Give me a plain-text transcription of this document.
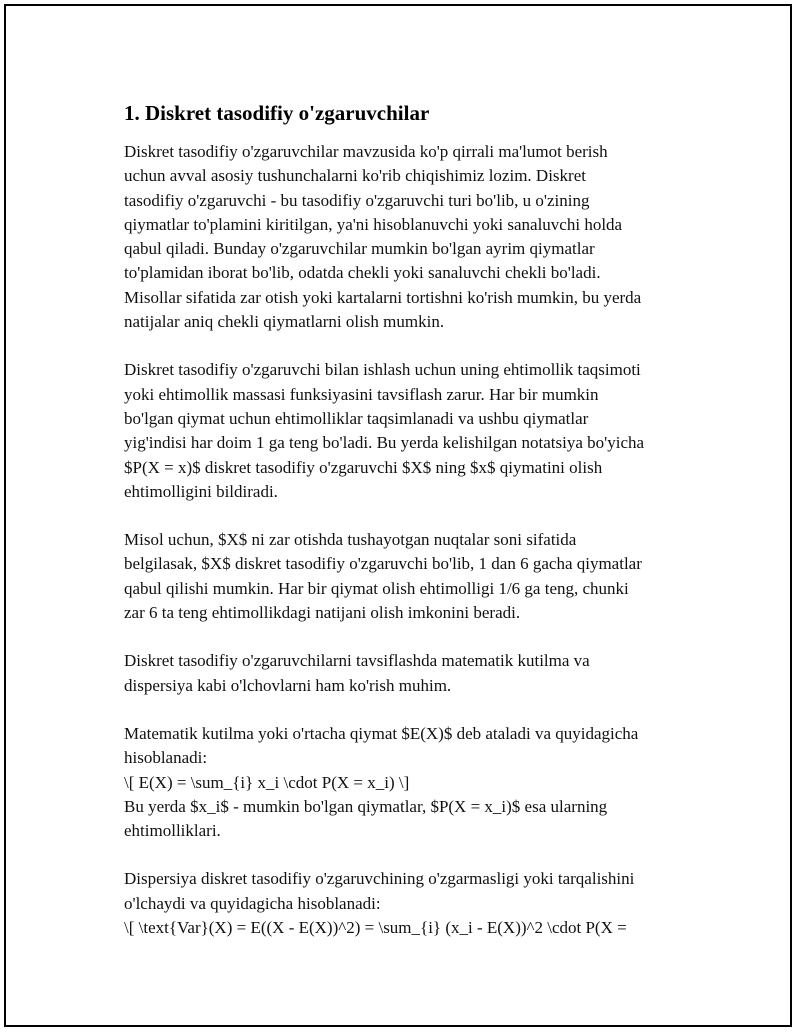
1. Diskret tasodifiy o'zgaruvchilar

Diskret tasodifiy o'zgaruvchilar mavzusida ko'p qirrali ma'lumot berish
uchun avval asosiy tushunchalarni ko'rib chiqishimiz lozim. Diskret
tasodifiy o'zgaruvchi - bu tasodifiy o'zgaruvchi turi bo'lib, u o'zining
qiymatlar to'plamini kiritilgan, ya'ni hisoblanuvchi yoki sanaluvchi holda
qabul qiladi. Bunday o'zgaruvchilar mumkin bo'lgan ayrim qiymatlar
to'plamidan iborat bo'lib, odatda chekli yoki sanaluvchi chekli bo'ladi.
Misollar sifatida zar otish yoki kartalarni tortishni ko'rish mumkin, bu yerda
natijalar aniq chekli qiymatlarni olish mumkin.

Diskret tasodifiy o'zgaruvchi bilan ishlash uchun uning ehtimollik taqsimoti
yoki ehtimollik massasi funksiyasini tavsiflash zarur. Har bir mumkin
bo'lgan qiymat uchun ehtimolliklar taqsimlanadi va ushbu qiymatlar
yig'indisi har doim 1 ga teng bo'ladi. Bu yerda kelishilgan notatsiya bo'yicha
$P(X = x)$ diskret tasodifiy o'zgaruvchi $X$ ning $x$ qiymatini olish
ehtimolligini bildiradi.

Misol uchun, $X$ ni zar otishda tushayotgan nuqtalar soni sifatida
belgilasak, $X$ diskret tasodifiy o'zgaruvchi bo'lib, 1 dan 6 gacha qiymatlar
qabul qilishi mumkin. Har bir qiymat olish ehtimolligi 1/6 ga teng, chunki
zar 6 ta teng ehtimollikdagi natijani olish imkonini beradi.

Diskret tasodifiy o'zgaruvchilarni tavsiflashda matematik kutilma va
dispersiya kabi o'lchovlarni ham ko'rish muhim.

Matematik kutilma yoki o'rtacha qiymat $E(X)$ deb ataladi va quyidagicha
hisoblanadi:
\[ E(X) = \sum_{i} x_i \cdot P(X = x_i) \]
Bu yerda $x_i$ - mumkin bo'lgan qiymatlar, $P(X = x_i)$ esa ularning
ehtimolliklari.

Dispersiya diskret tasodifiy o'zgaruvchining o'zgarmasligi yoki tarqalishini
o'lchaydi va quyidagicha hisoblanadi:
\[ \text{Var}(X) = E((X - E(X))^2) = \sum_{i} (x_i - E(X))^2 \cdot P(X =
